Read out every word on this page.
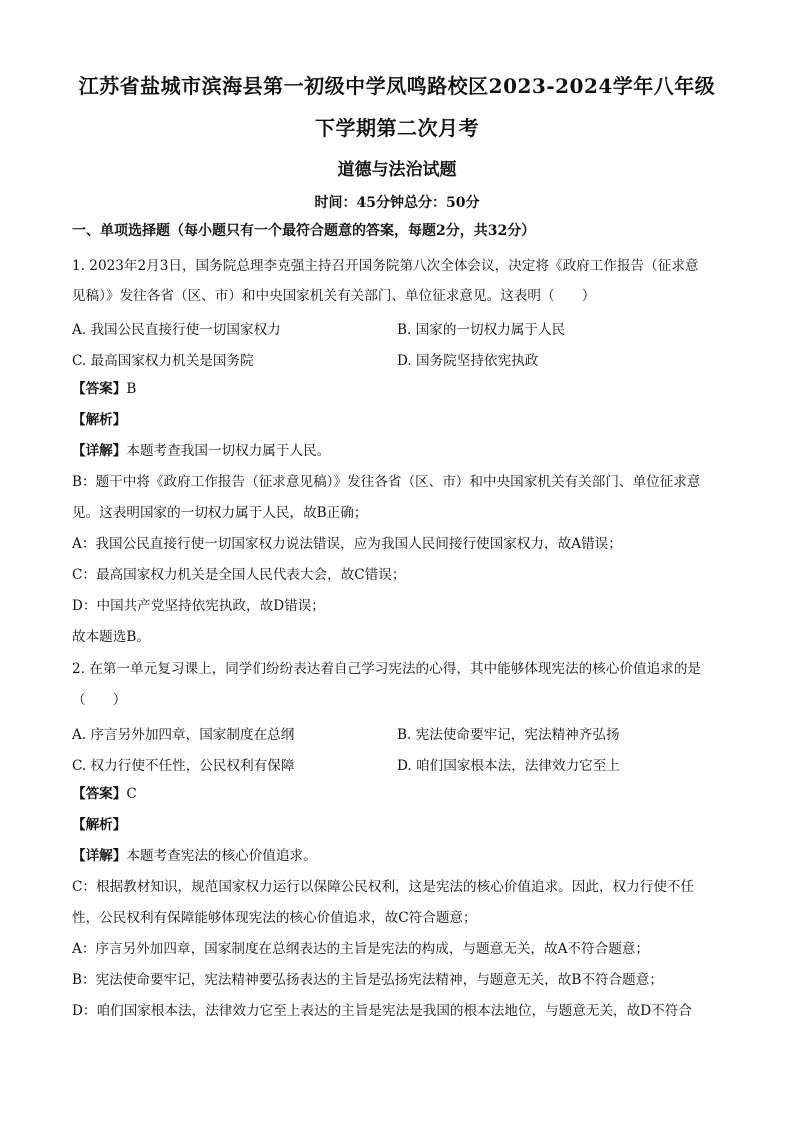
江苏省盐城市滨海县第一初级中学凤鸣路校区2023-2024学年八年级
下学期第二次月考
道德与法治试题
时间：45分钟总分：50分
一、单项选择题（每小题只有一个最符合题意的答案，每题2分，共32分）
1. 2023年2月3日，国务院总理李克强主持召开国务院第八次全体会议，决定将《政府工作报告（征求意
见稿）》发往各省（区、市）和中央国家机关有关部门、单位征求意见。这表明（　　）
A. 我国公民直接行使一切国家权力	B. 国家的一切权力属于人民
C. 最高国家权力机关是国务院	D. 国务院坚持依宪执政
【答案】B
【解析】
【详解】本题考查我国一切权力属于人民。
B：题干中将《政府工作报告（征求意见稿）》发往各省（区、市）和中央国家机关有关部门、单位征求意
见。这表明国家的一切权力属于人民，故B正确；
A：我国公民直接行使一切国家权力说法错误，应为我国人民间接行使国家权力，故A错误；
C：最高国家权力机关是全国人民代表大会，故C错误；
D：中国共产党坚持依宪执政，故D错误；
故本题选B。
2. 在第一单元复习课上，同学们纷纷表达着自己学习宪法的心得，其中能够体现宪法的核心价值追求的是
（　　）
A. 序言另外加四章，国家制度在总纲	B. 宪法使命要牢记，宪法精神齐弘扬
C. 权力行使不任性，公民权利有保障	D. 咱们国家根本法，法律效力它至上
【答案】C
【解析】
【详解】本题考查宪法的核心价值追求。
C：根据教材知识，规范国家权力运行以保障公民权利，这是宪法的核心价值追求。因此，权力行使不任
性，公民权利有保障能够体现宪法的核心价值追求，故C符合题意；
A：序言另外加四章，国家制度在总纲表达的主旨是宪法的构成，与题意无关，故A不符合题意；
B：宪法使命要牢记，宪法精神要弘扬表达的主旨是弘扬宪法精神，与题意无关，故B不符合题意；
D：咱们国家根本法，法律效力它至上表达的主旨是宪法是我国的根本法地位，与题意无关，故D不符合
